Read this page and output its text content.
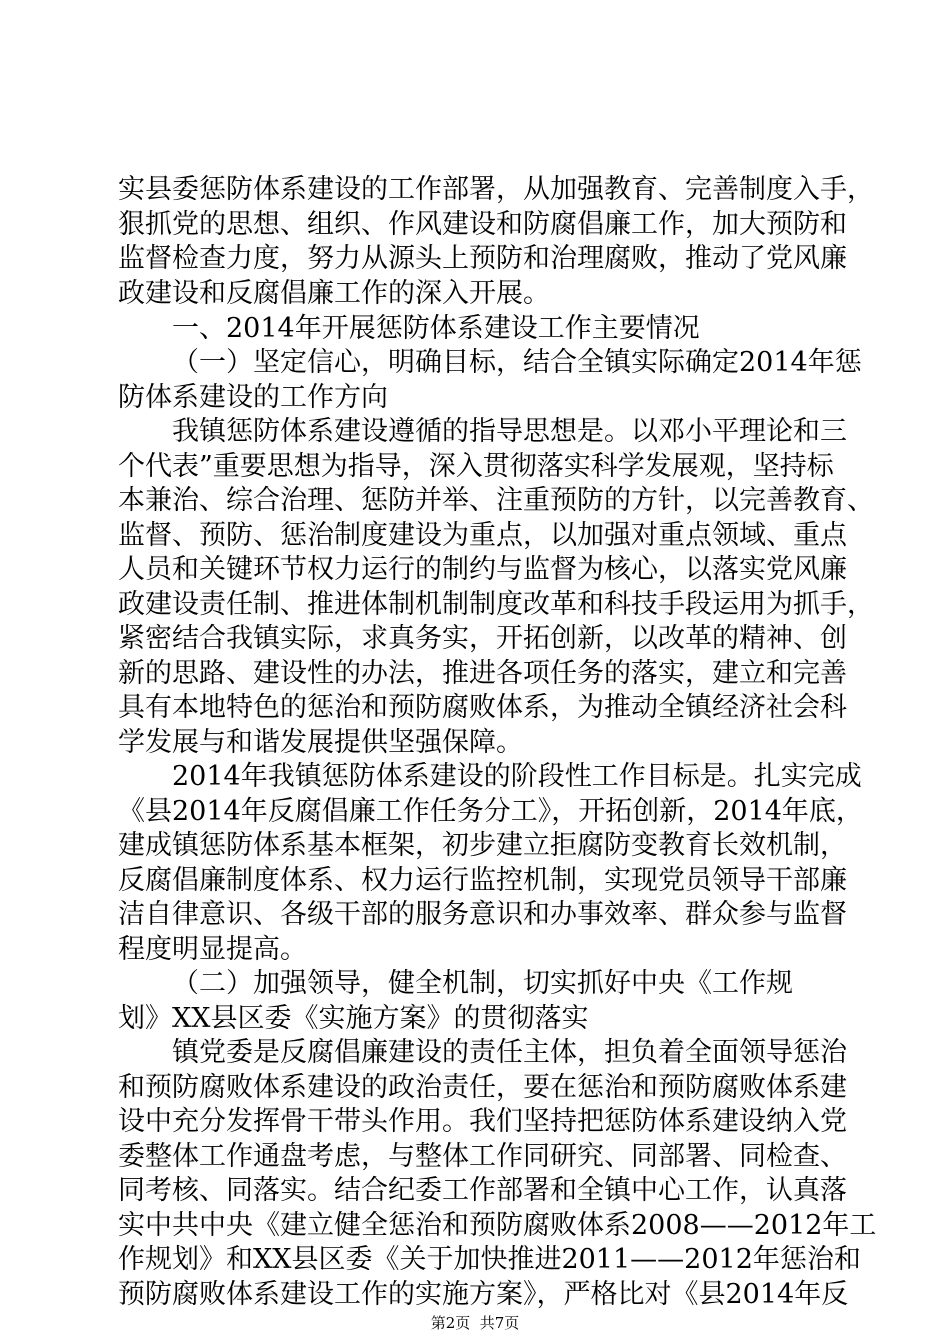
实县委惩防体系建设的工作部署，从加强教育、完善制度入手，
狠抓党的思想、组织、作风建设和防腐倡廉工作，加大预防和
监督检查力度，努力从源头上预防和治理腐败，推动了党风廉
政建设和反腐倡廉工作的深入开展。
一、2014年开展惩防体系建设工作主要情况
（一）坚定信心，明确目标，结合全镇实际确定2014年惩
防体系建设的工作方向
我镇惩防体系建设遵循的指导思想是。以邓小平理论和三
个代表”重要思想为指导，深入贯彻落实科学发展观，坚持标
本兼治、综合治理、惩防并举、注重预防的方针，以完善教育、
监督、预防、惩治制度建设为重点，以加强对重点领域、重点
人员和关键环节权力运行的制约与监督为核心，以落实党风廉
政建设责任制、推进体制机制制度改革和科技手段运用为抓手，
紧密结合我镇实际，求真务实，开拓创新，以改革的精神、创
新的思路、建设性的办法，推进各项任务的落实，建立和完善
具有本地特色的惩治和预防腐败体系，为推动全镇经济社会科
学发展与和谐发展提供坚强保障。
2014年我镇惩防体系建设的阶段性工作目标是。扎实完成
《县2014年反腐倡廉工作任务分工》，开拓创新，2014年底，
建成镇惩防体系基本框架，初步建立拒腐防变教育长效机制，
反腐倡廉制度体系、权力运行监控机制，实现党员领导干部廉
洁自律意识、各级干部的服务意识和办事效率、群众参与监督
程度明显提高。
（二）加强领导，健全机制，切实抓好中央《工作规
划》XX县区委《实施方案》的贯彻落实
镇党委是反腐倡廉建设的责任主体，担负着全面领导惩治
和预防腐败体系建设的政治责任，要在惩治和预防腐败体系建
设中充分发挥骨干带头作用。我们坚持把惩防体系建设纳入党
委整体工作通盘考虑，与整体工作同研究、同部署、同检查、
同考核、同落实。结合纪委工作部署和全镇中心工作，认真落
实中共中央《建立健全惩治和预防腐败体系2008——2012年工
作规划》和XX县区委《关于加快推进2011——2012年惩治和
预防腐败体系建设工作的实施方案》，严格比对《县2014年反
第2页  共7页
